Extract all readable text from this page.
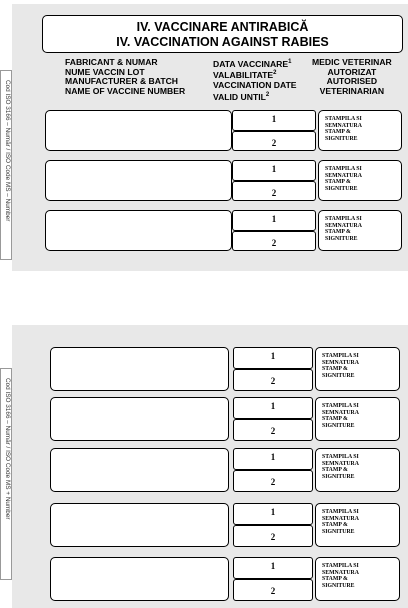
Cod ISO 3166 – Număr / ISO Code MS – Number
Cod ISO 3166 – Număr / ISO Code MS + Number
IV. VACCINARE ANTIRABICĂ
IV. VACCINATION AGAINST RABIES
FABRICANT & NUMAR
NUME VACCIN LOT
MANUFACTURER & BATCH
NAME OF VACCINE NUMBER
DATA VACCINARE$^1$
VALABILITATE$^2$
VACCINATION DATE
VALID UNTIL$^2$
MEDIC VETERINAR
AUTORIZAT
AUTORISED
VETERINARIAN
1
2
STAMPILA SI
SEMNATURA
STAMP &
SIGNITURE
1
2
STAMPILA SI
SEMNATURA
STAMP &
SIGNITURE
1
2
STAMPILA SI
SEMNATURA
STAMP &
SIGNITURE
1
2
STAMPILA SI
SEMNATURA
STAMP &
SIGNITURE
1
2
STAMPILA SI
SEMNATURA
STAMP &
SIGNITURE
1
2
STAMPILA SI
SEMNATURA
STAMP &
SIGNITURE
1
2
STAMPILA SI
SEMNATURA
STAMP &
SIGNITURE
1
2
STAMPILA SI
SEMNATURA
STAMP &
SIGNITURE
